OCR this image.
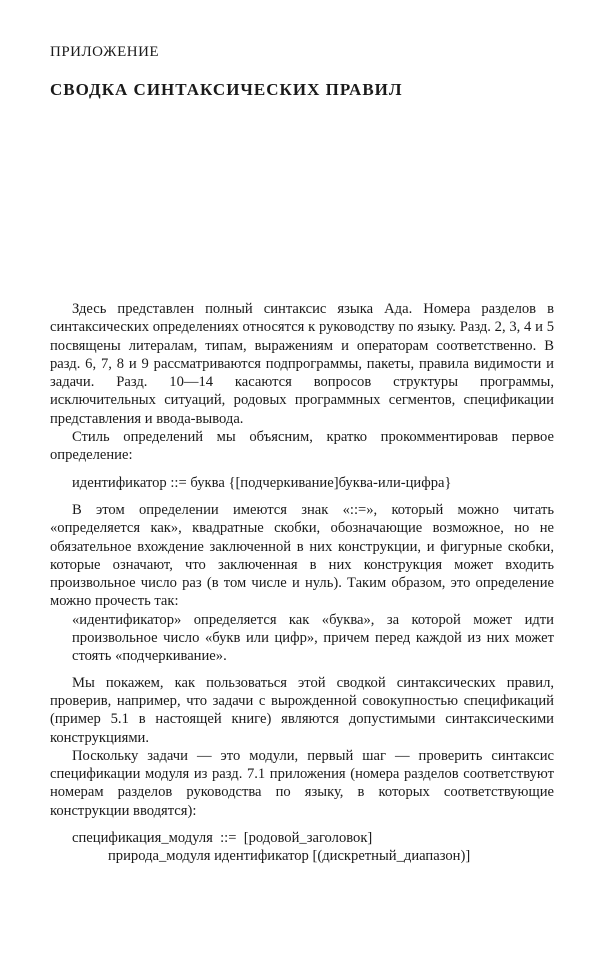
ПРИЛОЖЕНИЕ
СВОДКА СИНТАКСИЧЕСКИХ ПРАВИЛ

Здесь представлен полный синтаксис языка Ада. Номера разделов в синтаксических определениях относятся к руководству по языку. Разд. 2, 3, 4 и 5 посвящены литералам, типам, выражениям и операторам соответственно. В разд. 6, 7, 8 и 9 рассматриваются подпрограммы, пакеты, правила видимости и задачи. Разд. 10—14 касаются вопросов структуры программы, исключительных ситуаций, родовых программных сегментов, спецификации представления и ввода-вывода.

Стиль определений мы объясним, кратко прокомментировав первое определение:

идентификатор ::= буква {[подчеркивание]буква-или-цифра}

В этом определении имеются знак «::=», который можно читать «определяется как», квадратные скобки, обозначающие возможное, но не обязательное вхождение заключенной в них конструкции, и фигурные скобки, которые означают, что заключенная в них конструкция может входить произвольное число раз (в том числе и нуль). Таким образом, это определение можно прочесть так:

«идентификатор» определяется как «буква», за которой может идти произвольное число «букв или цифр», причем перед каждой из них может стоять «подчеркивание».

Мы покажем, как пользоваться этой сводкой синтаксических правил, проверив, например, что задачи с вырожденной совокупностью спецификаций (пример 5.1 в настоящей книге) являются допустимыми синтаксическими конструкциями.

Поскольку задачи — это модули, первый шаг — проверить синтаксис спецификации модуля из разд. 7.1 приложения (номера разделов соответствуют номерам разделов руководства по языку, в которых соответствующие конструкции вводятся):

спецификация_модуля  ::=  [родовой_заголовок]
природа_модуля идентификатор [(дискретный_диапазон)]
